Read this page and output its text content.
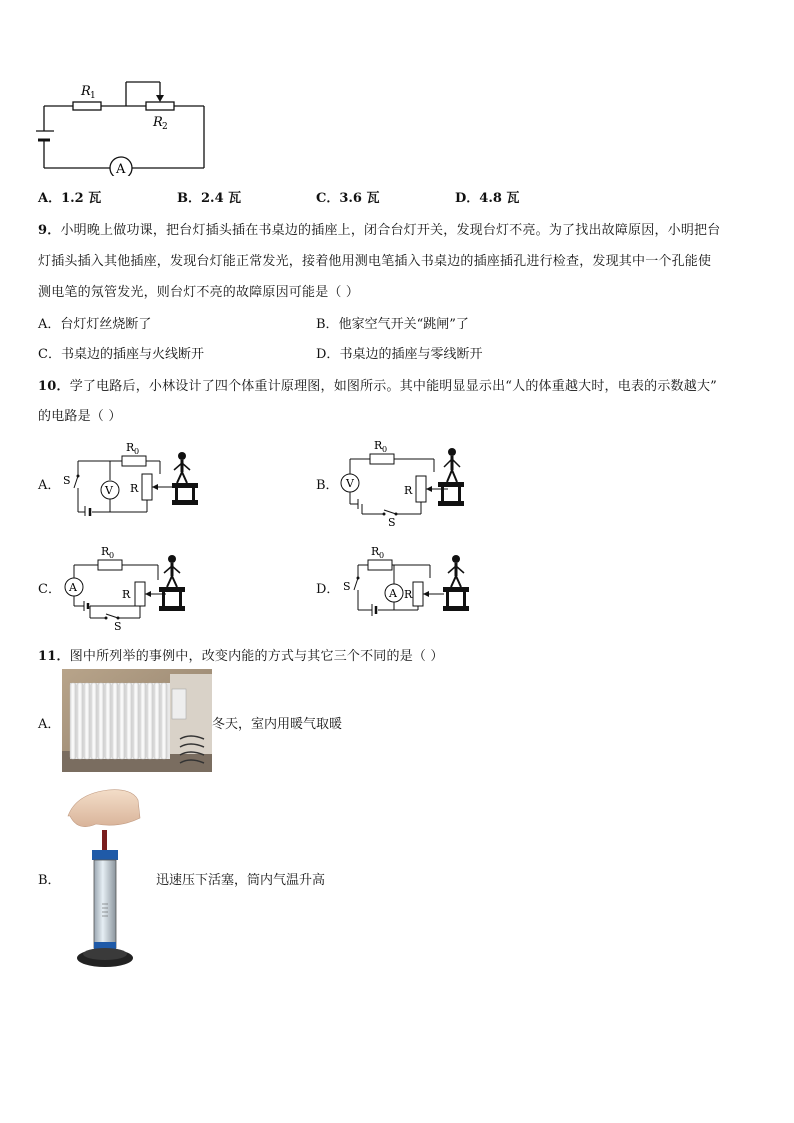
R 1
R 2
A
A．1.2 瓦	B．2.4 瓦	C．3.6 瓦	D．4.8 瓦
9．小明晚上做功课，把台灯插头插在书桌边的插座上，闭合台灯开关，发现台灯不亮。为了找出故障原因，小明把台
灯插头插入其他插座，发现台灯能正常发光，接着他用测电笔插入书桌边的插座插孔进行检查，发现其中一个孔能使
测电笔的氖管发光，则台灯不亮的故障原因可能是（ ）
A．台灯灯丝烧断了	B．他家空气开关“跳闸”了
C．书桌边的插座与火线断开	D．书桌边的插座与零线断开
10．学了电路后，小林设计了四个体重计原理图，如图所示。其中能明显显示出“人的体重越大时，电表的示数越大”
的电路是（ ）
A．
R 0
V R
S	B．
R 0
V
R
S
C．
R 0
A
R
S
D．
R 0
A R
S
11．图中所列举的事例中，改变内能的方式与其它三个不同的是（ ）
A．	冬天，室内用暖气取暖
B．	迅速压下活塞，筒内气温升高
